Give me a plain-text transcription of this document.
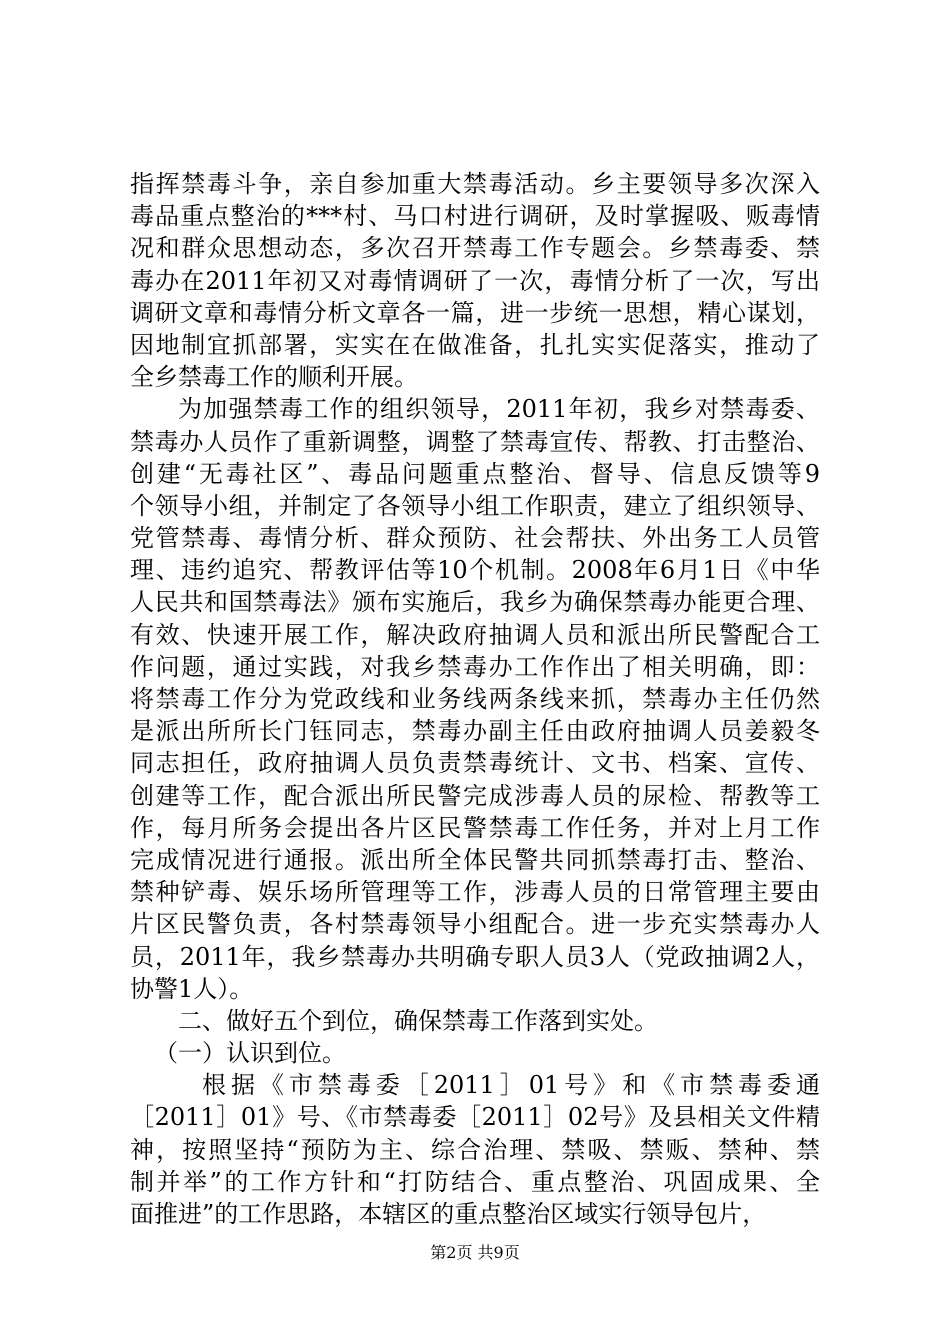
指挥禁毒斗争，亲自参加重大禁毒活动。乡主要领导多次深入
毒品重点整治的***村、马口村进行调研，及时掌握吸、贩毒情
况和群众思想动态，多次召开禁毒工作专题会。乡禁毒委、禁
毒办在2011年初又对毒情调研了一次，毒情分析了一次，写出
调研文章和毒情分析文章各一篇，进一步统一思想，精心谋划，
因地制宜抓部署，实实在在做准备，扎扎实实促落实，推动了
全乡禁毒工作的顺利开展。
为加强禁毒工作的组织领导，2011年初，我乡对禁毒委、
禁毒办人员作了重新调整，调整了禁毒宣传、帮教、打击整治、
创建“无毒社区”、毒品问题重点整治、督导、信息反馈等9
个领导小组，并制定了各领导小组工作职责，建立了组织领导、
党管禁毒、毒情分析、群众预防、社会帮扶、外出务工人员管
理、违约追究、帮教评估等10个机制。2008年6月1日《中华
人民共和国禁毒法》颁布实施后，我乡为确保禁毒办能更合理、
有效、快速开展工作，解决政府抽调人员和派出所民警配合工
作问题，通过实践，对我乡禁毒办工作作出了相关明确，即：
将禁毒工作分为党政线和业务线两条线来抓，禁毒办主任仍然
是派出所所长门钰同志，禁毒办副主任由政府抽调人员姜毅冬
同志担任，政府抽调人员负责禁毒统计、文书、档案、宣传、
创建等工作，配合派出所民警完成涉毒人员的尿检、帮教等工
作，每月所务会提出各片区民警禁毒工作任务，并对上月工作
完成情况进行通报。派出所全体民警共同抓禁毒打击、整治、
禁种铲毒、娱乐场所管理等工作，涉毒人员的日常管理主要由
片区民警负责，各村禁毒领导小组配合。进一步充实禁毒办人
员，2011年，我乡禁毒办共明确专职人员3人（党政抽调2人，
协警1人）。
二、做好五个到位，确保禁毒工作落到实处。
（一）认识到位。
根据《市禁毒委［2011］01号》和《市禁毒委通
［2011］01》号、《市禁毒委［2011］02号》及县相关文件精
神，按照坚持“预防为主、综合治理、禁吸、禁贩、禁种、禁
制并举”的工作方针和“打防结合、重点整治、巩固成果、全
面推进”的工作思路，本辖区的重点整治区域实行领导包片，
第2页 共9页
